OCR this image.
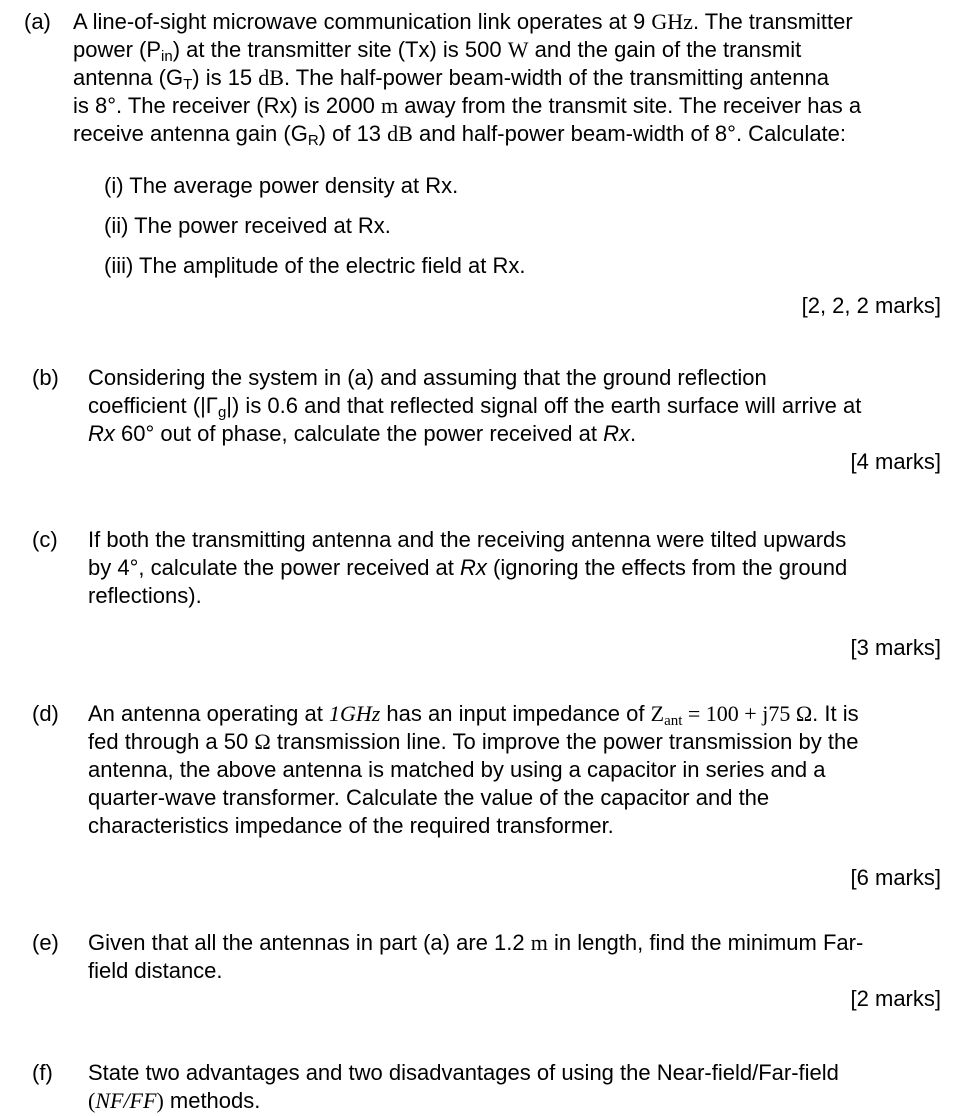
(a) A line-of-sight microwave communication link operates at 9 GHz. The transmitter
power (Pin) at the transmitter site (Tx) is 500 W and the gain of the transmit
antenna (GT) is 15 dB. The half-power beam-width of the transmitting antenna
is 8°. The receiver (Rx) is 2000 m away from the transmit site. The receiver has a
receive antenna gain (GR) of 13 dB and half-power beam-width of 8°. Calculate:
(i) The average power density at Rx.
(ii) The power received at Rx.
(iii) The amplitude of the electric field at Rx.
[2, 2, 2 marks]
(b) Considering the system in (a) and assuming that the ground reflection
coefficient (|Γg|) is 0.6 and that reflected signal off the earth surface will arrive at
Rx 60° out of phase, calculate the power received at Rx.
[4 marks]
(c) If both the transmitting antenna and the receiving antenna were tilted upwards
by 4°, calculate the power received at Rx (ignoring the effects from the ground
reflections).
[3 marks]
(d) An antenna operating at 1GHz has an input impedance of Zant = 100 + j75 Ω. It is
fed through a 50 Ω transmission line. To improve the power transmission by the
antenna, the above antenna is matched by using a capacitor in series and a
quarter-wave transformer. Calculate the value of the capacitor and the
characteristics impedance of the required transformer.
[6 marks]
(e) Given that all the antennas in part (a) are 1.2 m in length, find the minimum Far-
field distance.
[2 marks]
(f) State two advantages and two disadvantages of using the Near-field/Far-field
(NF/FF) methods.
